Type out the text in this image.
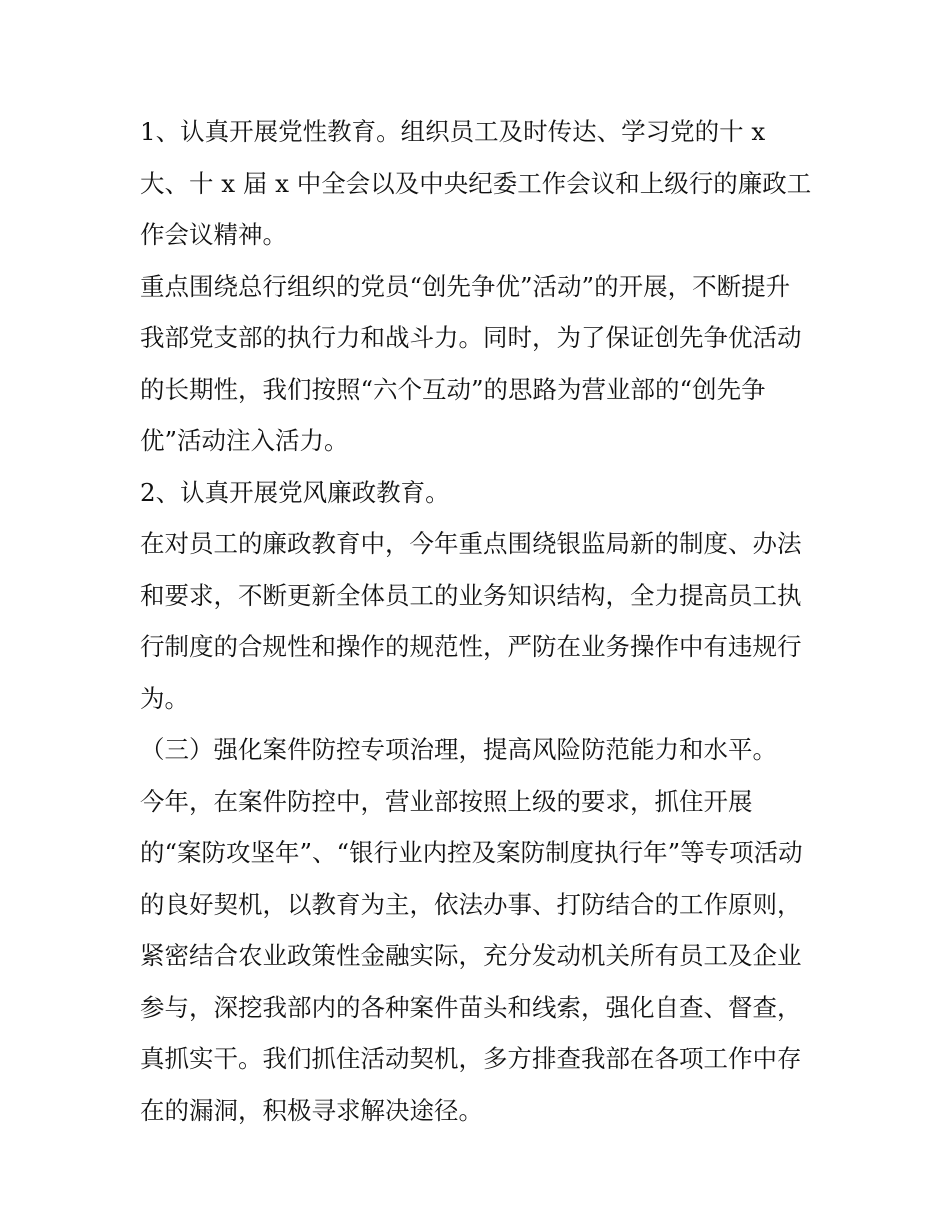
1、认真开展党性教育。组织员工及时传达、学习党的十 x
大、十 x 届 x 中全会以及中央纪委工作会议和上级行的廉政工
作会议精神。
重点围绕总行组织的党员“创先争优”活动”的开展，不断提升
我部党支部的执行力和战斗力。同时，为了保证创先争优活动
的长期性，我们按照“六个互动”的思路为营业部的“创先争
优”活动注入活力。
2、认真开展党风廉政教育。
在对员工的廉政教育中，今年重点围绕银监局新的制度、办法
和要求，不断更新全体员工的业务知识结构，全力提高员工执
行制度的合规性和操作的规范性，严防在业务操作中有违规行
为。
（三）强化案件防控专项治理，提高风险防范能力和水平。
今年，在案件防控中，营业部按照上级的要求，抓住开展
的“案防攻坚年”、“银行业内控及案防制度执行年”等专项活动
的良好契机，以教育为主，依法办事、打防结合的工作原则，
紧密结合农业政策性金融实际，充分发动机关所有员工及企业
参与，深挖我部内的各种案件苗头和线索，强化自查、督查，
真抓实干。我们抓住活动契机，多方排查我部在各项工作中存
在的漏洞，积极寻求解决途径。
